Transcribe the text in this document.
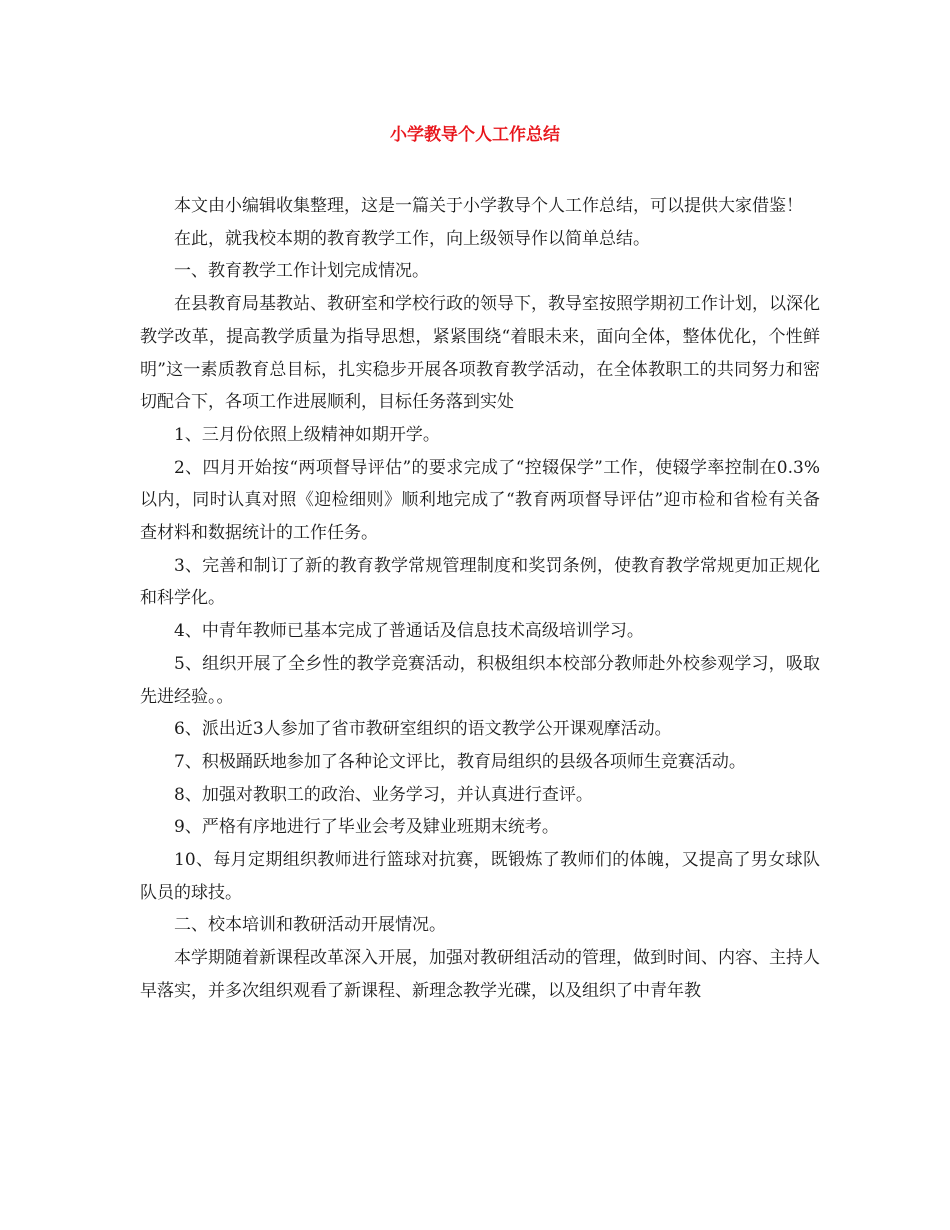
小学教导个人工作总结

本文由小编辑收集整理，这是一篇关于小学教导个人工作总结，可以提供大家借鉴！

在此，就我校本期的教育教学工作，向上级领导作以简单总结。

一、教育教学工作计划完成情况。

在县教育局基教站、教研室和学校行政的领导下，教导室按照学期初工作计划，以深化教学改革，提高教学质量为指导思想，紧紧围绕“着眼未来，面向全体，整体优化，个性鲜明”这一素质教育总目标，扎实稳步开展各项教育教学活动，在全体教职工的共同努力和密切配合下，各项工作进展顺利，目标任务落到实处

1、三月份依照上级精神如期开学。

2、四月开始按“两项督导评估”的要求完成了“控辍保学”工作，使辍学率控制在0.3%以内，同时认真对照《迎检细则》顺利地完成了“教育两项督导评估”迎市检和省检有关备查材料和数据统计的工作任务。

3、完善和制订了新的教育教学常规管理制度和奖罚条例，使教育教学常规更加正规化和科学化。

4、中青年教师已基本完成了普通话及信息技术高级培训学习。

5、组织开展了全乡性的教学竞赛活动，积极组织本校部分教师赴外校参观学习，吸取先进经验。。

6、派出近3人参加了省市教研室组织的语文教学公开课观摩活动。

7、积极踊跃地参加了各种论文评比，教育局组织的县级各项师生竞赛活动。

8、加强对教职工的政治、业务学习，并认真进行查评。

9、严格有序地进行了毕业会考及肄业班期末统考。

10、每月定期组织教师进行篮球对抗赛，既锻炼了教师们的体魄，又提高了男女球队队员的球技。

二、校本培训和教研活动开展情况。

本学期随着新课程改革深入开展，加强对教研组活动的管理，做到时间、内容、主持人早落实，并多次组织观看了新课程、新理念教学光碟，以及组织了中青年教
